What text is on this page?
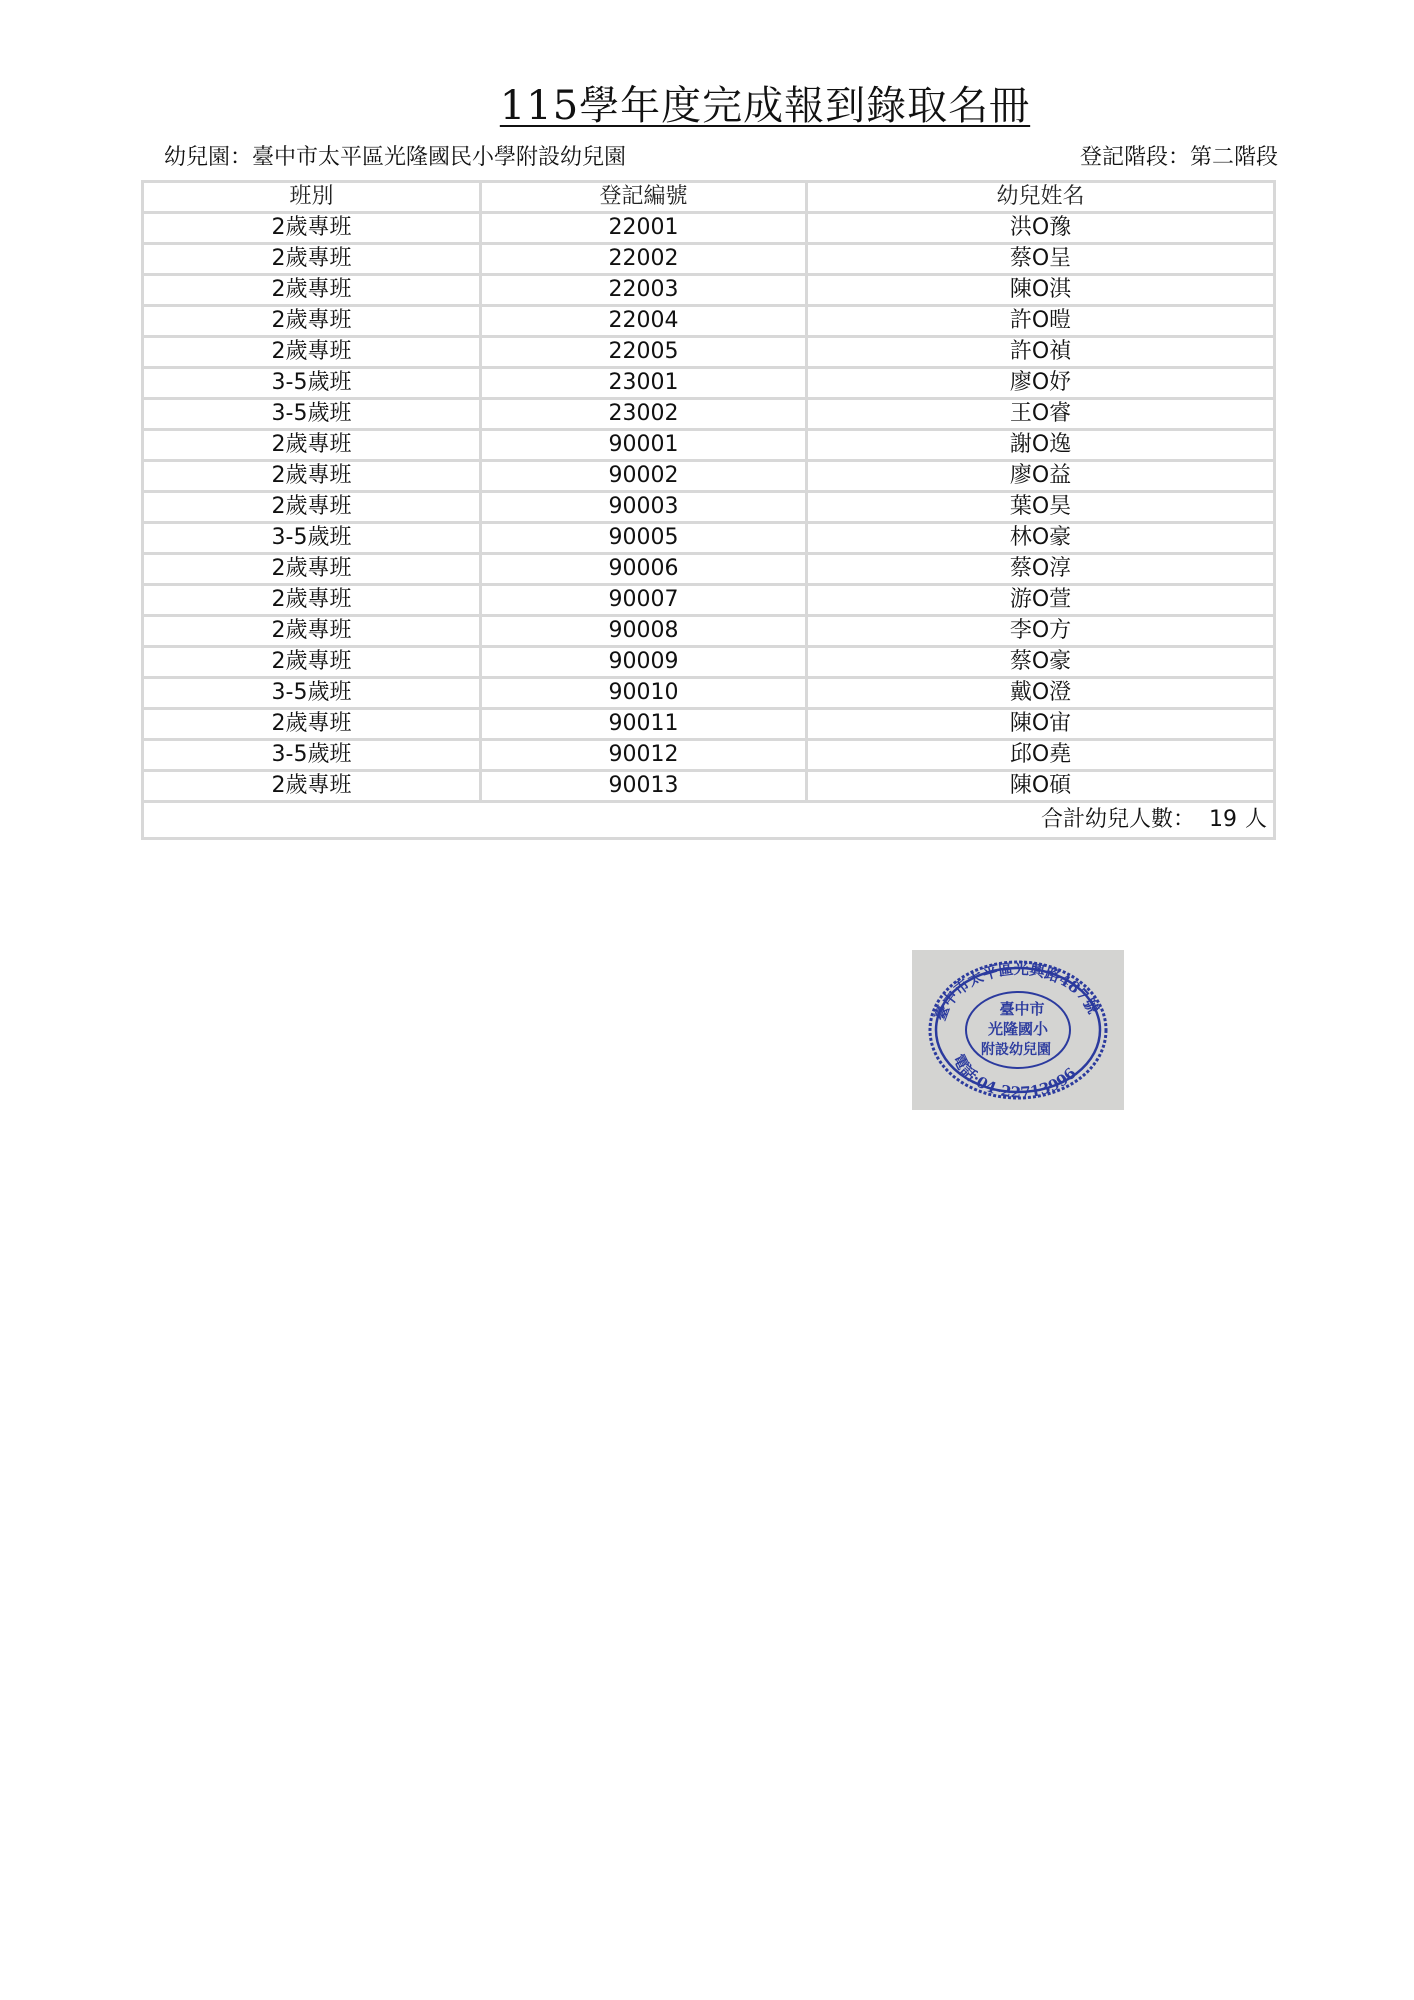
115學年度完成報到錄取名冊
幼兒園：臺中市太平區光隆國民小學附設幼兒園	登記階段：第二階段
班別	登記編號	幼兒姓名
2歲專班	22001	洪O豫
2歲專班	22002	蔡O呈
2歲專班	22003	陳O淇
2歲專班	22004	許O暟
2歲專班	22005	許O禎
3-5歲班	23001	廖O妤
3-5歲班	23002	王O睿
2歲專班	90001	謝O逸
2歲專班	90002	廖O益
2歲專班	90003	葉O昊
3-5歲班	90005	林O豪
2歲專班	90006	蔡O淳
2歲專班	90007	游O萱
2歲專班	90008	李O方
2歲專班	90009	蔡O豪
3-5歲班	90010	戴O澄
2歲專班	90011	陳O宙
3-5歲班	90012	邱O堯
2歲專班	90013	陳O碩
合計幼兒人數： 19 人		
臺中市太平區光興路487號
電話:04-22713996
臺中市
光隆國小
附設幼兒園
